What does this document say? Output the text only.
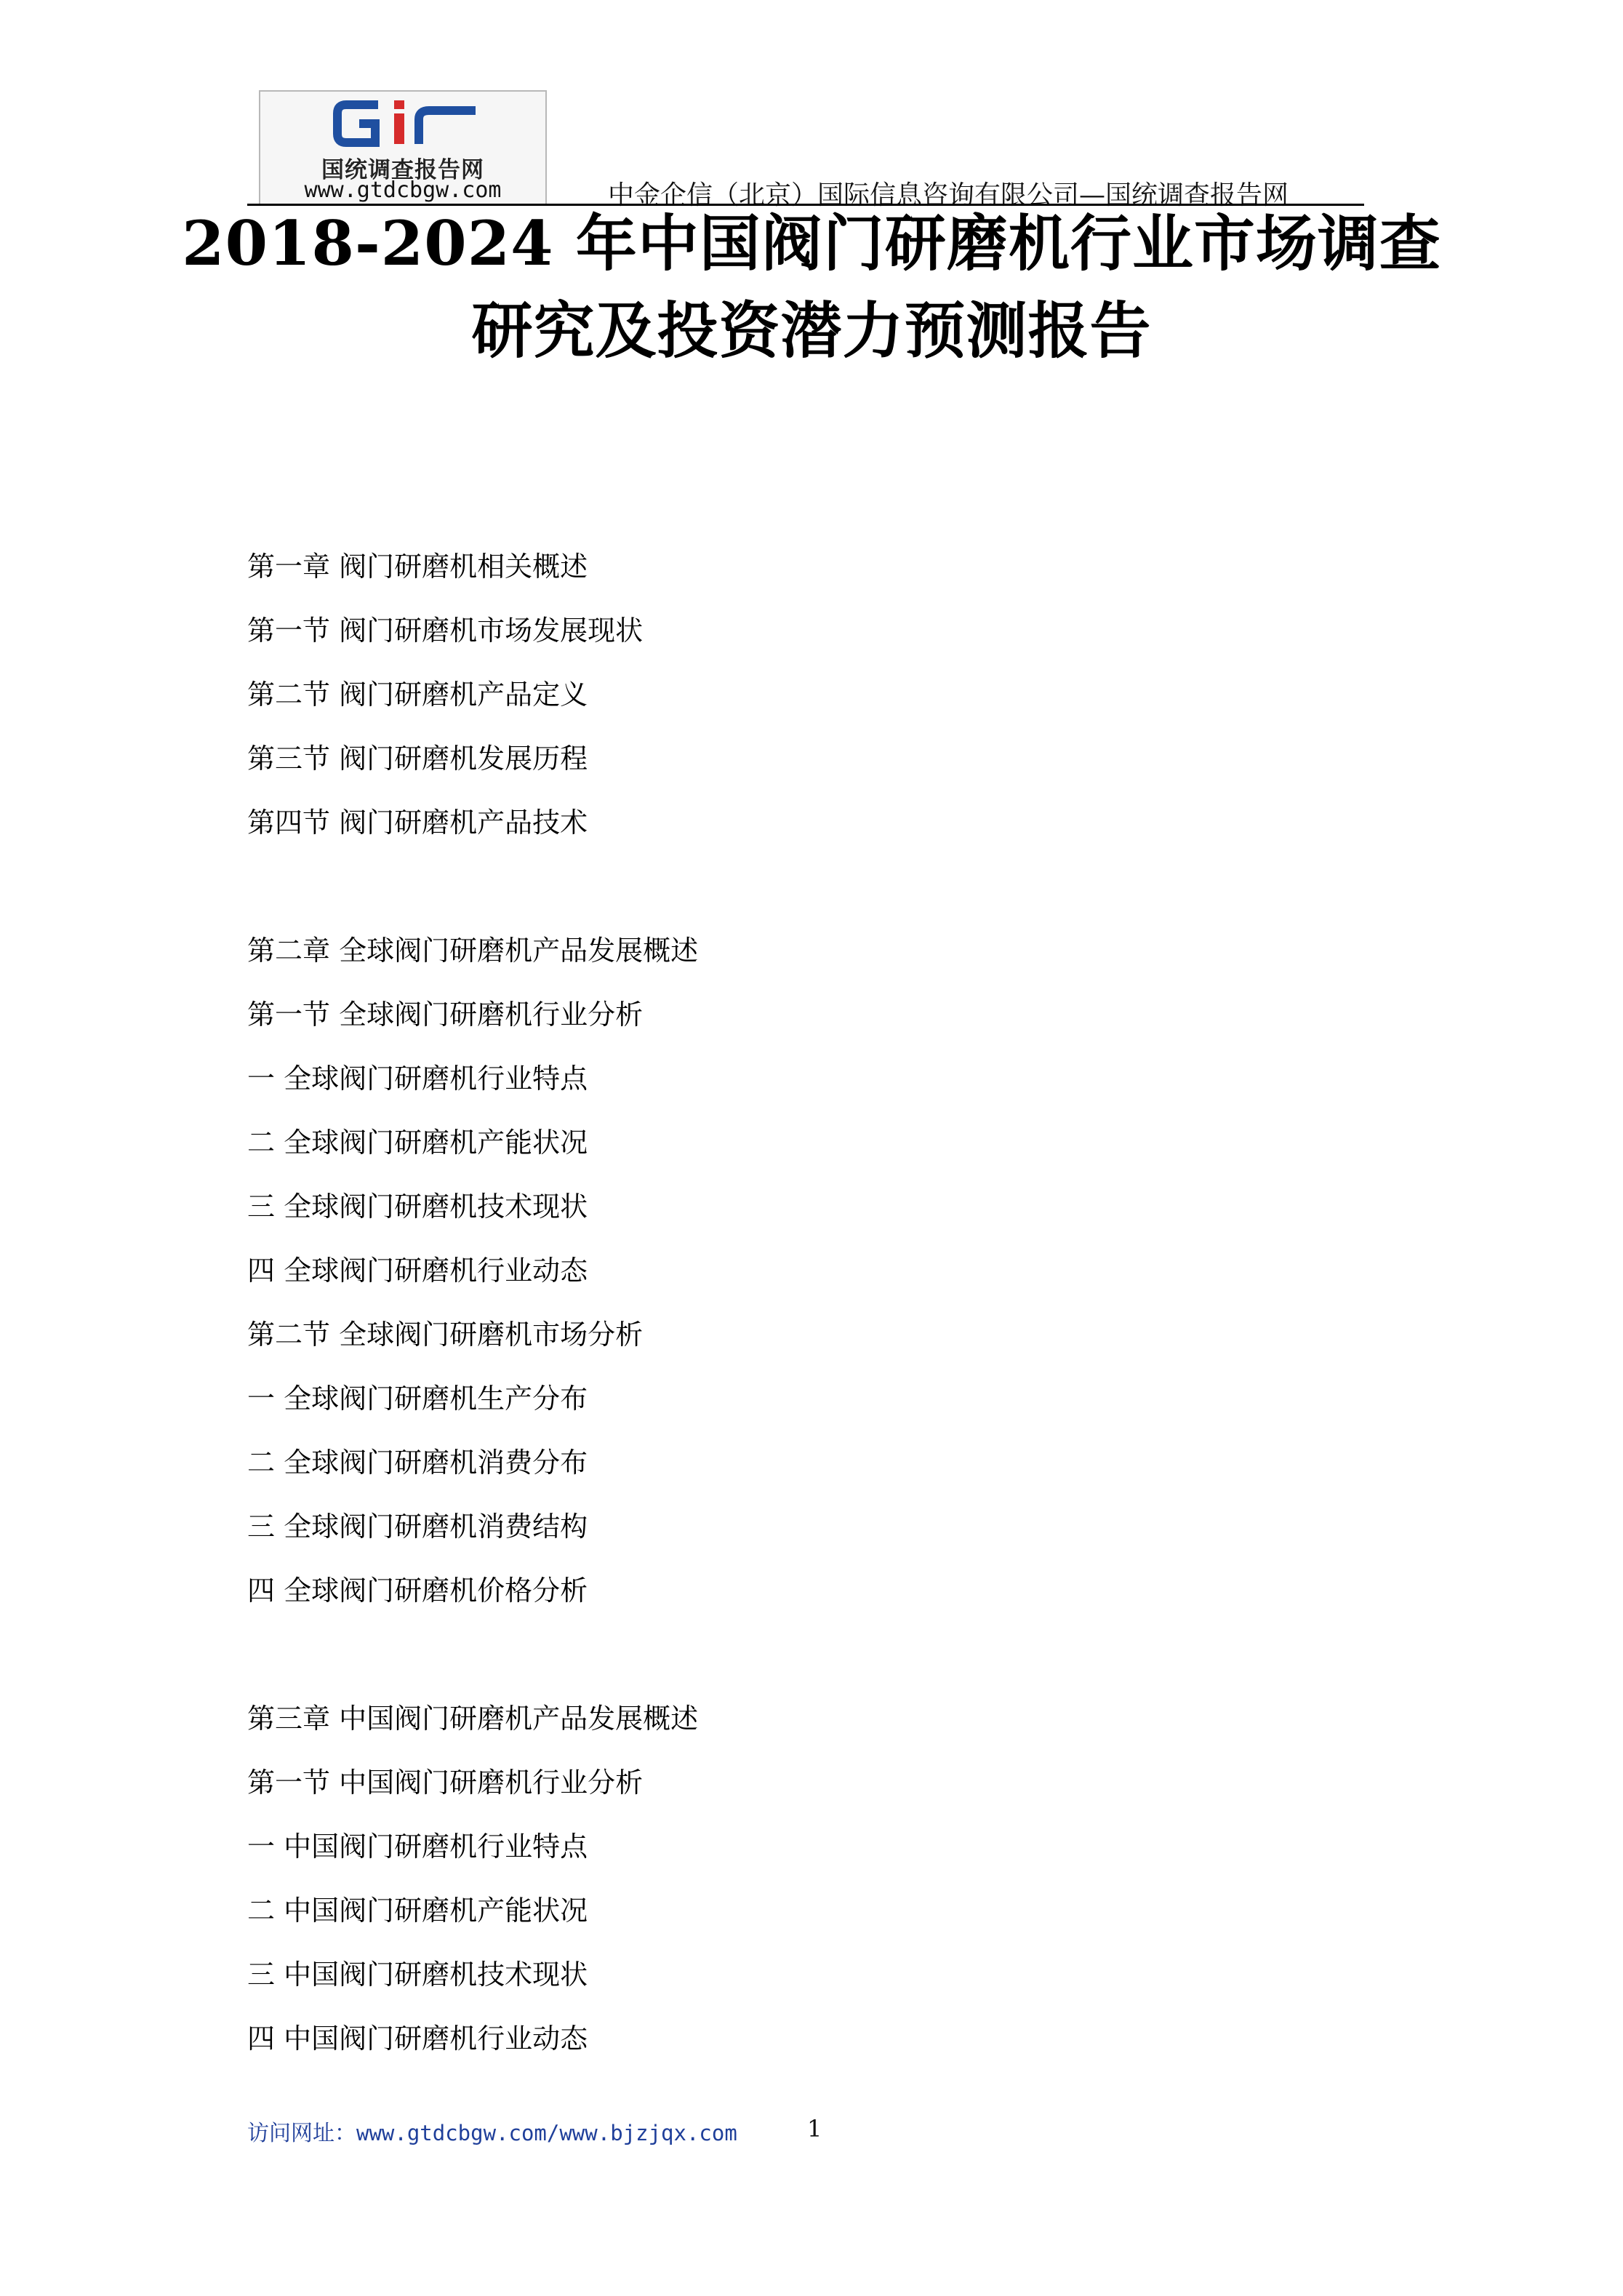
国统调查报告网
www.gtdcbgw.com	中金企信（北京）国际信息咨询有限公司—国统调查报告网
2018-2024 年中国阀门研磨机行业市场调查
研究及投资潜力预测报告
第一章 阀门研磨机相关概述
第一节 阀门研磨机市场发展现状
第二节 阀门研磨机产品定义
第三节 阀门研磨机发展历程
第四节 阀门研磨机产品技术
第二章 全球阀门研磨机产品发展概述
第一节 全球阀门研磨机行业分析
一 全球阀门研磨机行业特点
二 全球阀门研磨机产能状况
三 全球阀门研磨机技术现状
四 全球阀门研磨机行业动态
第二节 全球阀门研磨机市场分析
一 全球阀门研磨机生产分布
二 全球阀门研磨机消费分布
三 全球阀门研磨机消费结构
四 全球阀门研磨机价格分析
第三章 中国阀门研磨机产品发展概述
第一节 中国阀门研磨机行业分析
一 中国阀门研磨机行业特点
二 中国阀门研磨机产能状况
三 中国阀门研磨机技术现状
四 中国阀门研磨机行业动态
访问网址：www.gtdcbgw.com/www.bjzjqx.com	1
